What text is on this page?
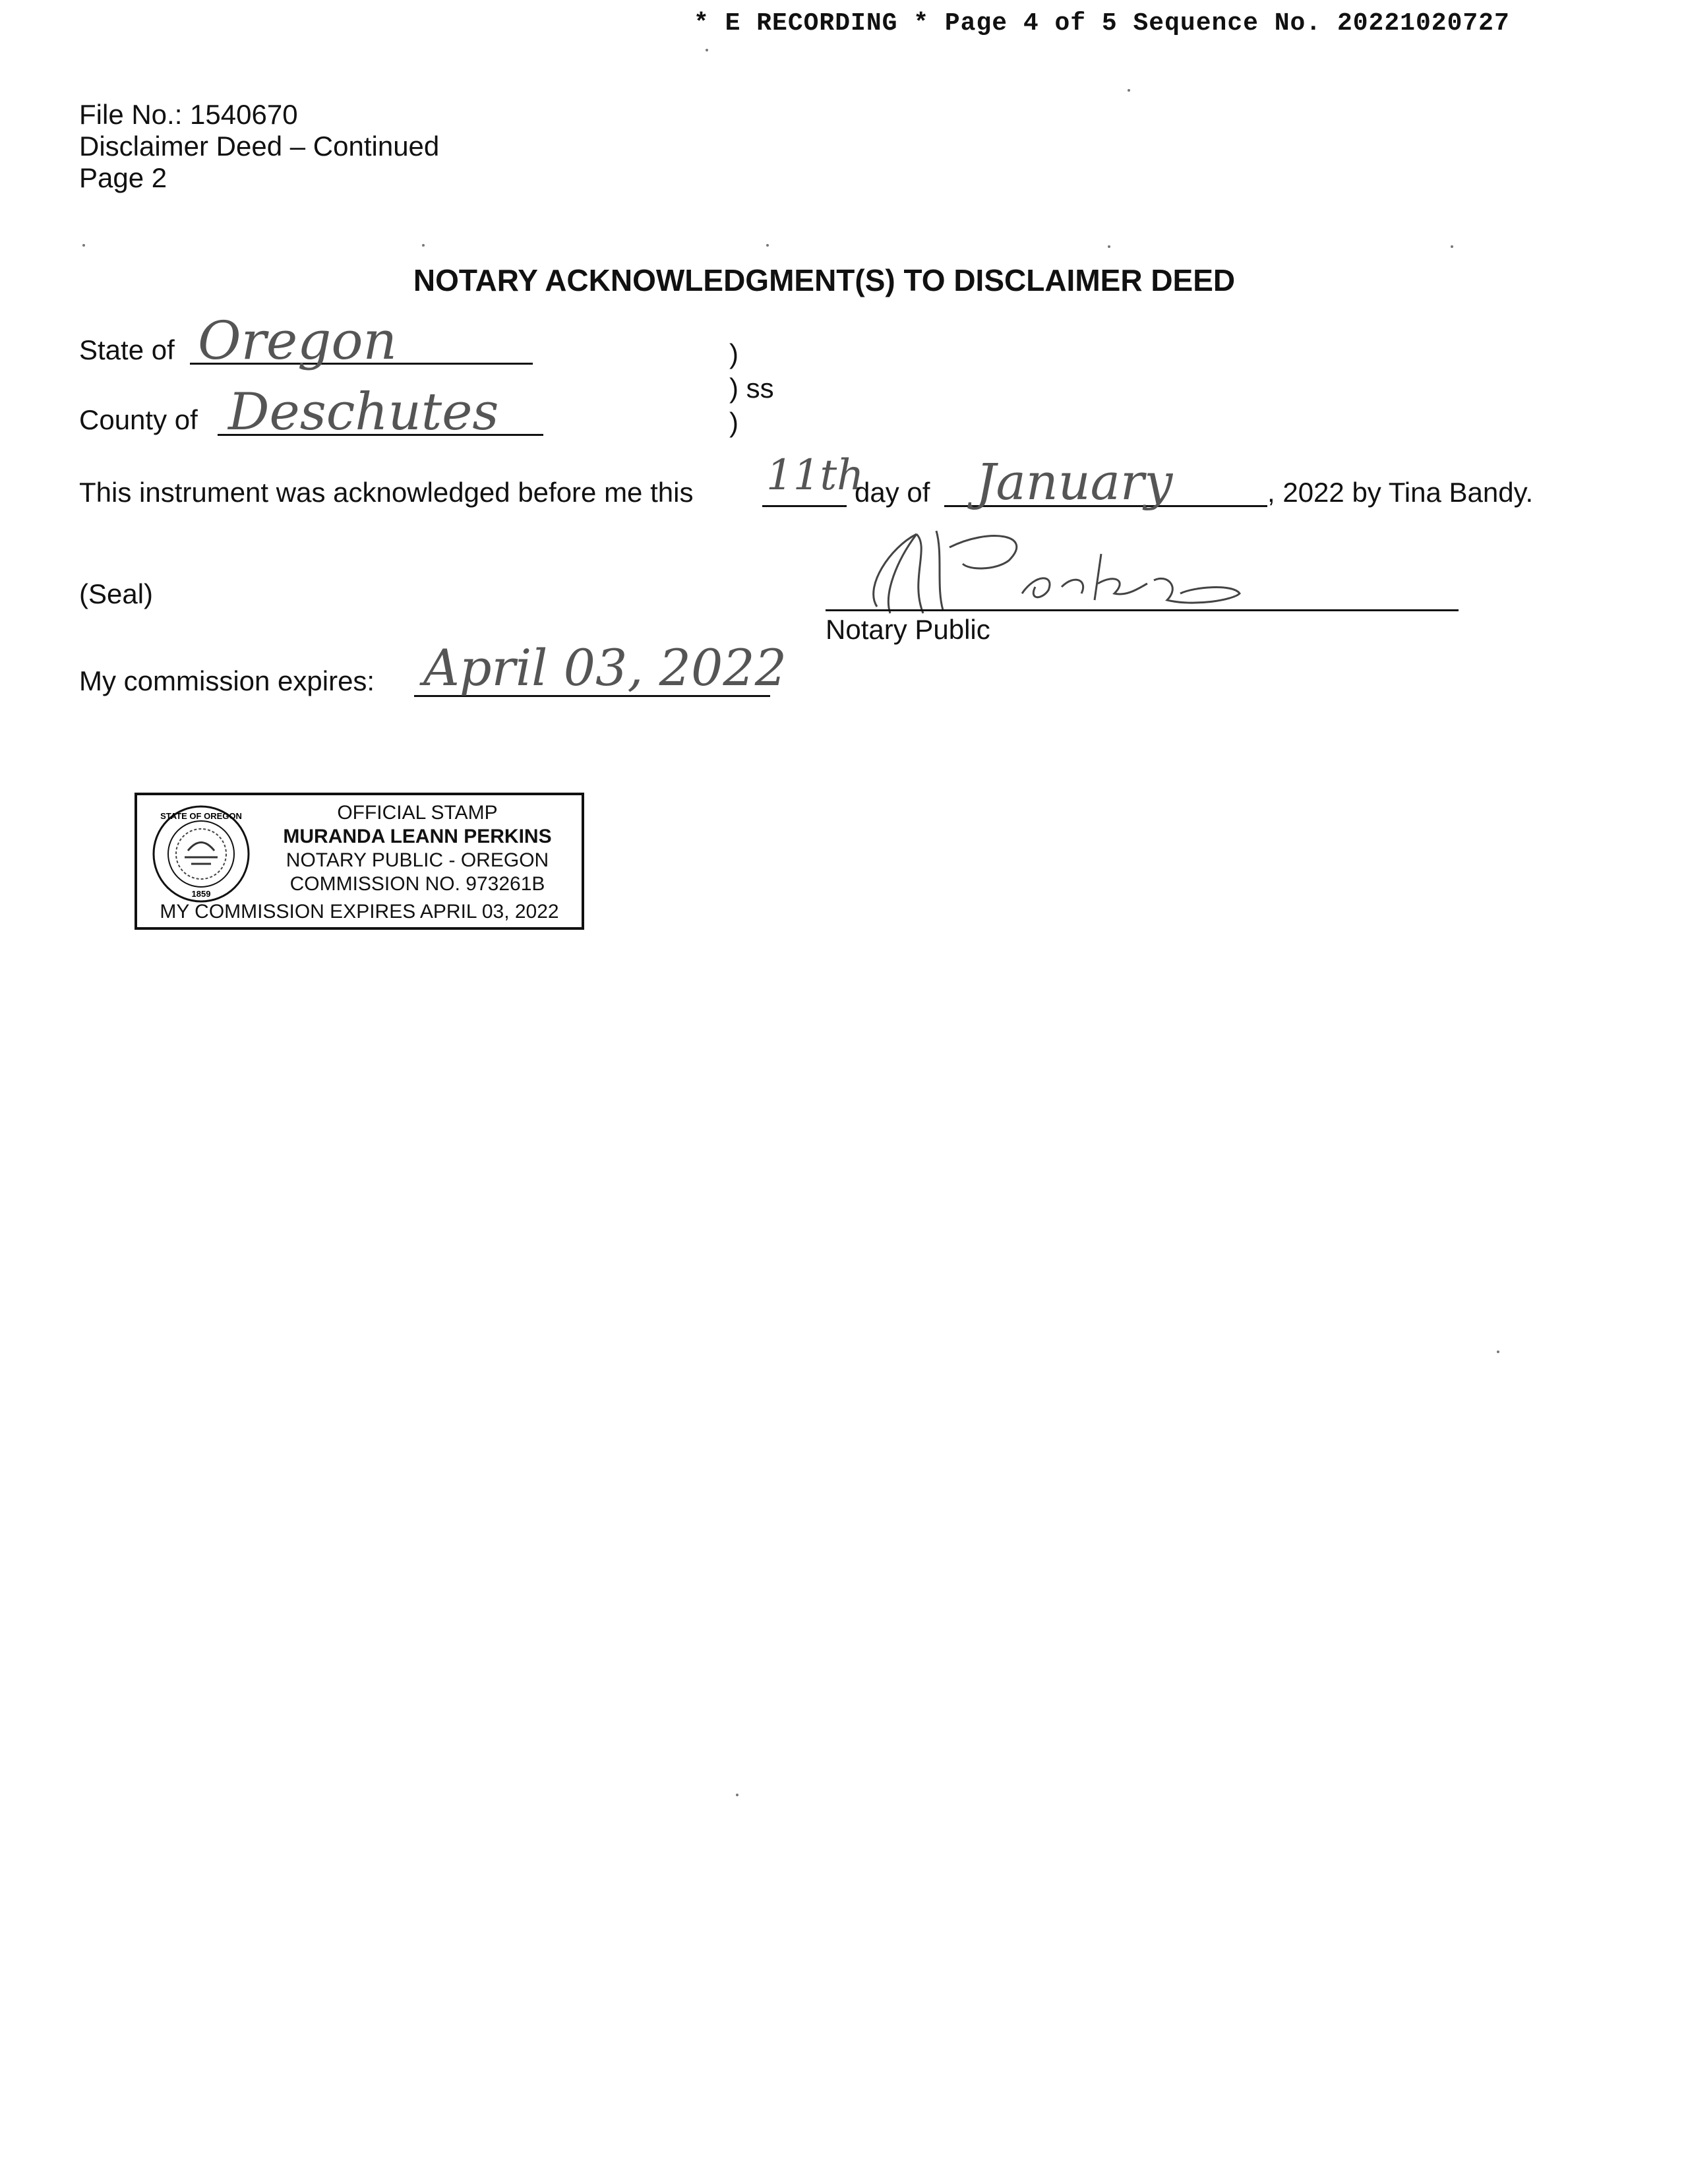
* E RECORDING * Page 4 of 5 Sequence No. 20221020727
File No.: 1540670
Disclaimer Deed – Continued
Page 2
NOTARY ACKNOWLEDGMENT(S) TO DISCLAIMER DEED
State of Oregon
County of Deschutes
)
) ss
)
This instrument was acknowledged before me this 11th
day of January	, 2022 by Tina Bandy.
(Seal)
Notary Public
My commission expires: April 03, 2022
STATE OF OREGON
1859
OFFICIAL STAMP
MURANDA LEANN PERKINS
NOTARY PUBLIC - OREGON
COMMISSION NO. 973261B
MY COMMISSION EXPIRES APRIL 03, 2022
